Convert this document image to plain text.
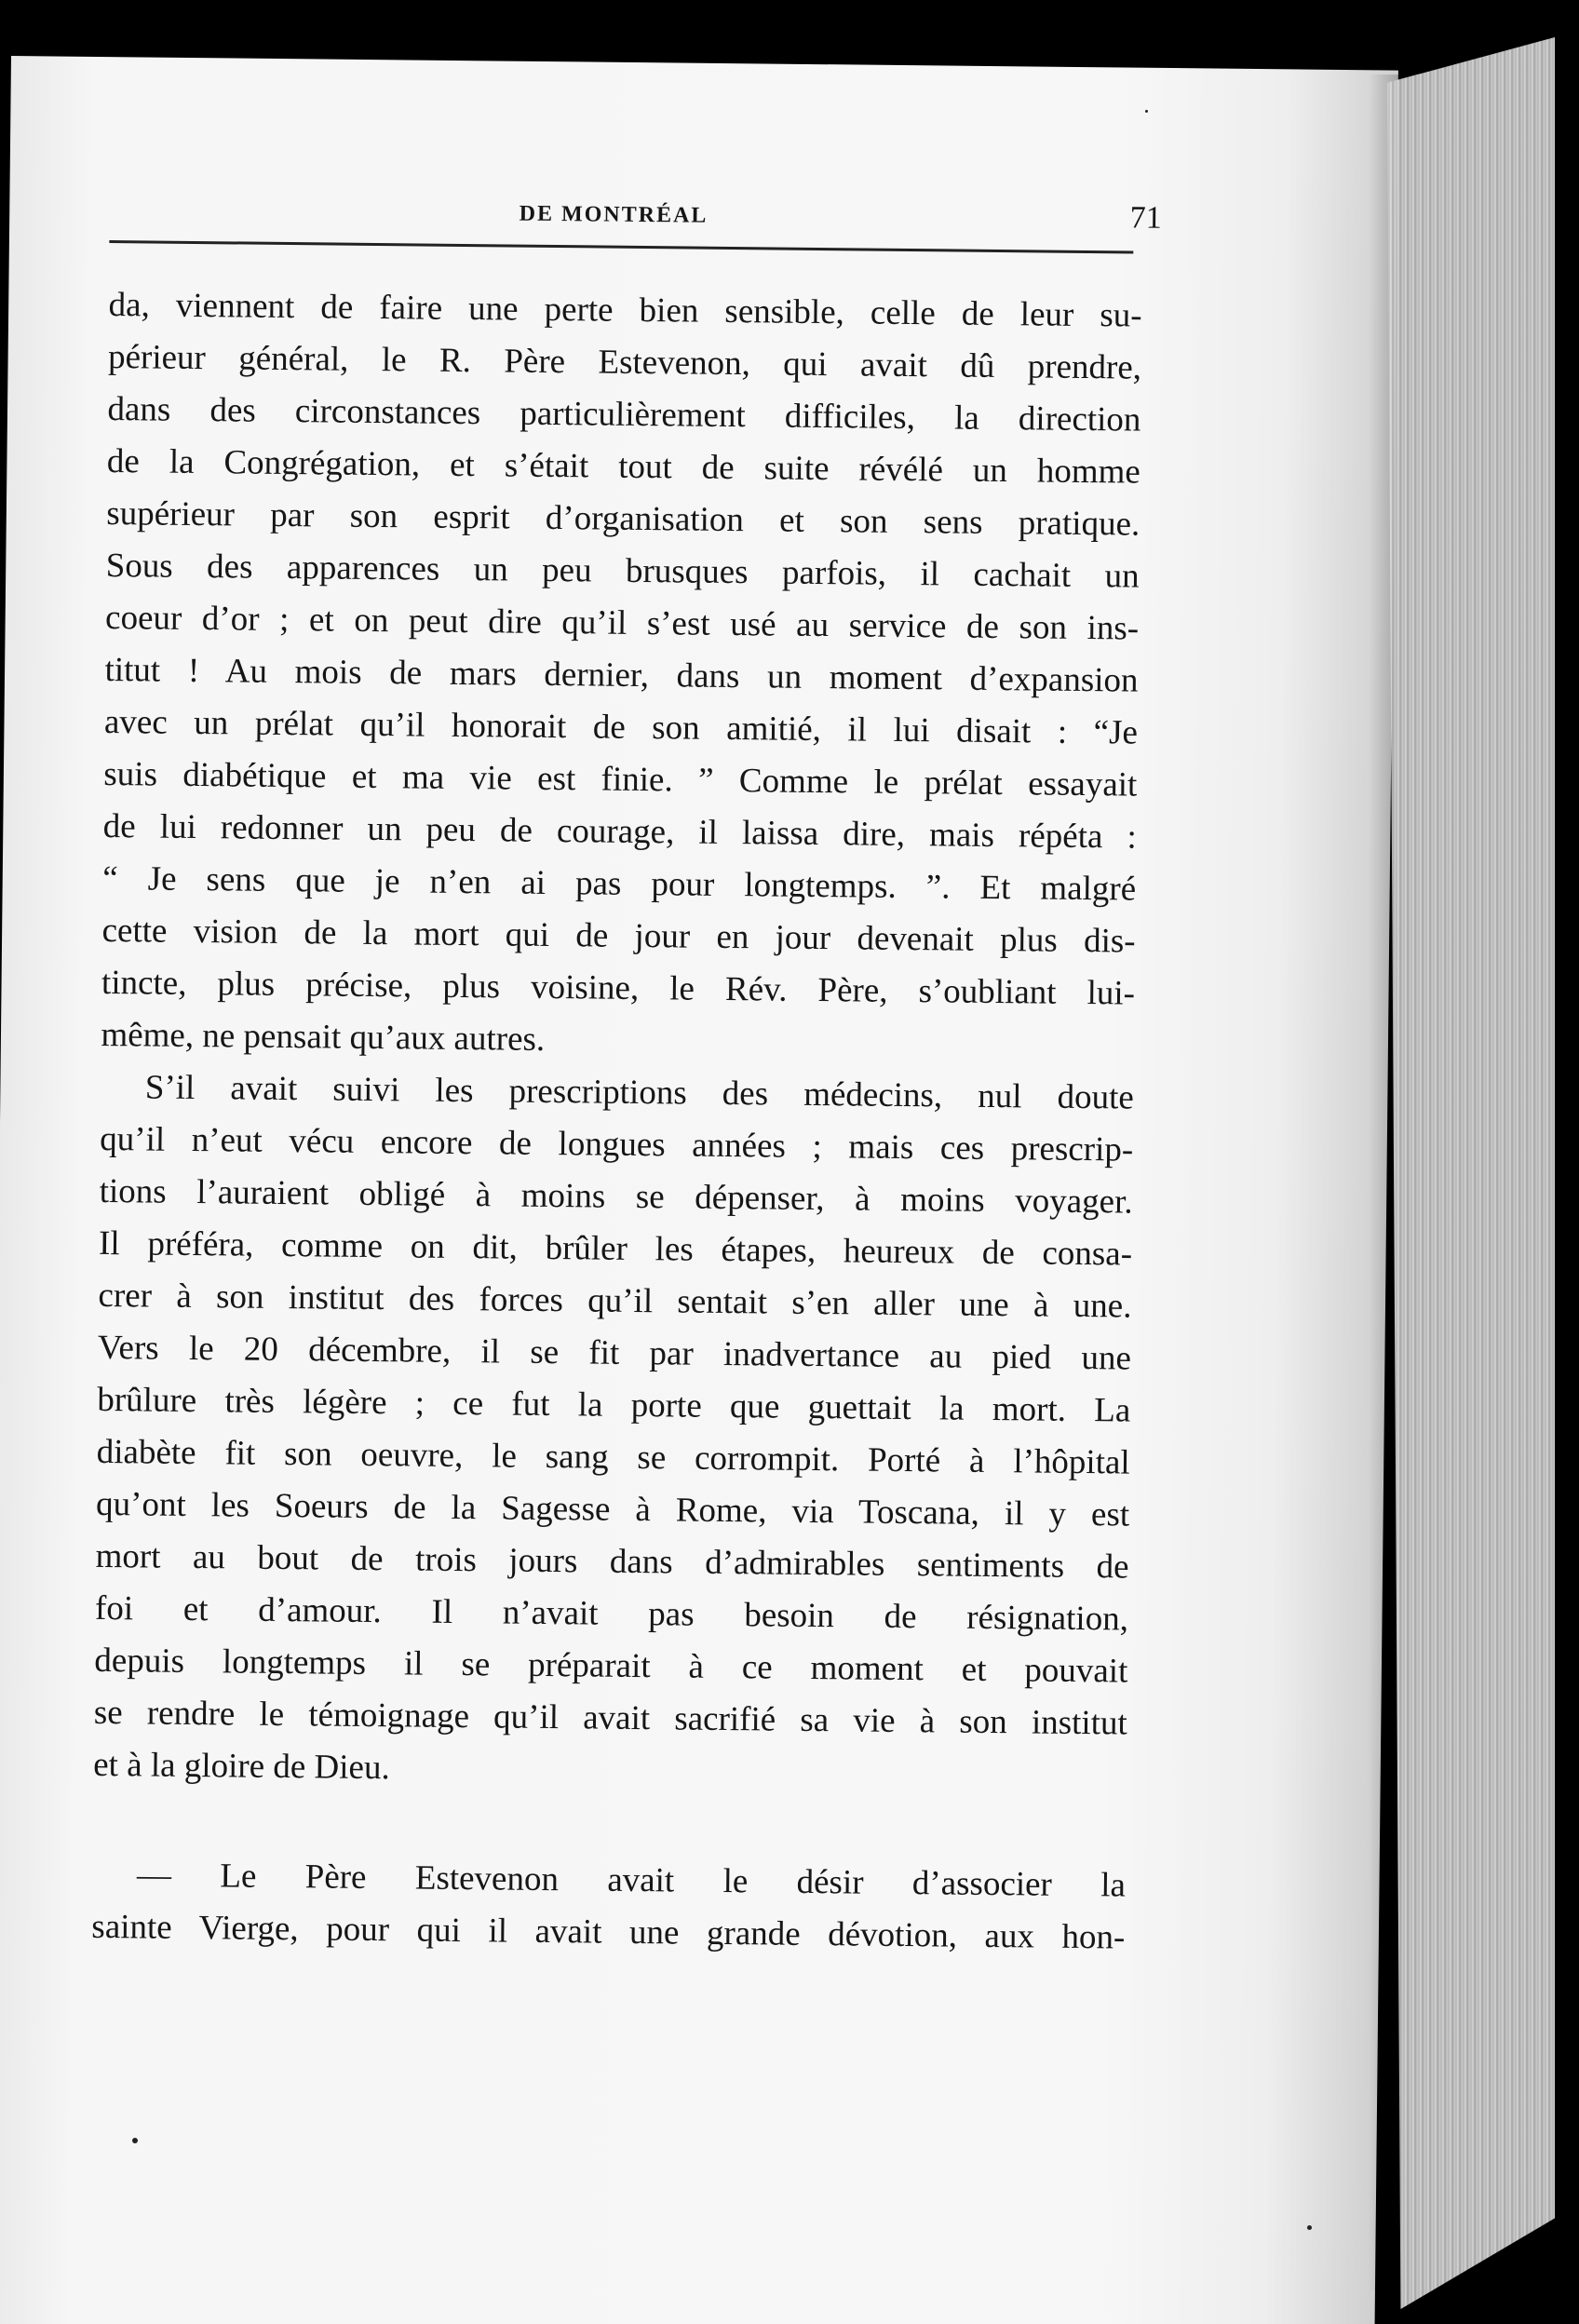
DE MONTRÉAL	71
da, viennent de faire une perte bien sensible, celle de leur su-
périeur général, le R. Père Estevenon, qui avait dû prendre,
dans des circonstances particulièrement difficiles, la direction
de la Congrégation, et s’était tout de suite révélé un homme
supérieur par son esprit d’organisation et son sens pratique.
Sous des apparences un peu brusques parfois, il cachait un
coeur d’or ; et on peut dire qu’il s’est usé au service de son ins-
titut ! Au mois de mars dernier, dans un moment d’expansion
avec un prélat qu’il honorait de son amitié, il lui disait : “Je
suis diabétique et ma vie est finie. ” Comme le prélat essayait
de lui redonner un peu de courage, il laissa dire, mais répéta :
“ Je sens que je n’en ai pas pour longtemps. ”. Et malgré
cette vision de la mort qui de jour en jour devenait plus dis-
tincte, plus précise, plus voisine, le Rév. Père, s’oubliant lui-
même, ne pensait qu’aux autres.
S’il avait suivi les prescriptions des médecins, nul doute
qu’il n’eut vécu encore de longues années ; mais ces prescrip-
tions l’auraient obligé à moins se dépenser, à moins voyager.
Il préféra, comme on dit, brûler les étapes, heureux de consa-
crer à son institut des forces qu’il sentait s’en aller une à une.
Vers le 20 décembre, il se fit par inadvertance au pied une
brûlure très légère ; ce fut la porte que guettait la mort. La
diabète fit son oeuvre, le sang se corrompit. Porté à l’hôpital
qu’ont les Soeurs de la Sagesse à Rome, via Toscana, il y est
mort au bout de trois jours dans d’admirables sentiments de
foi et d’amour. Il n’avait pas besoin de résignation,
depuis longtemps il se préparait à ce moment et pouvait
se rendre le témoignage qu’il avait sacrifié sa vie à son institut
et à la gloire de Dieu.
— Le Père Estevenon avait le désir d’associer la
sainte Vierge, pour qui il avait une grande dévotion, aux hon-
